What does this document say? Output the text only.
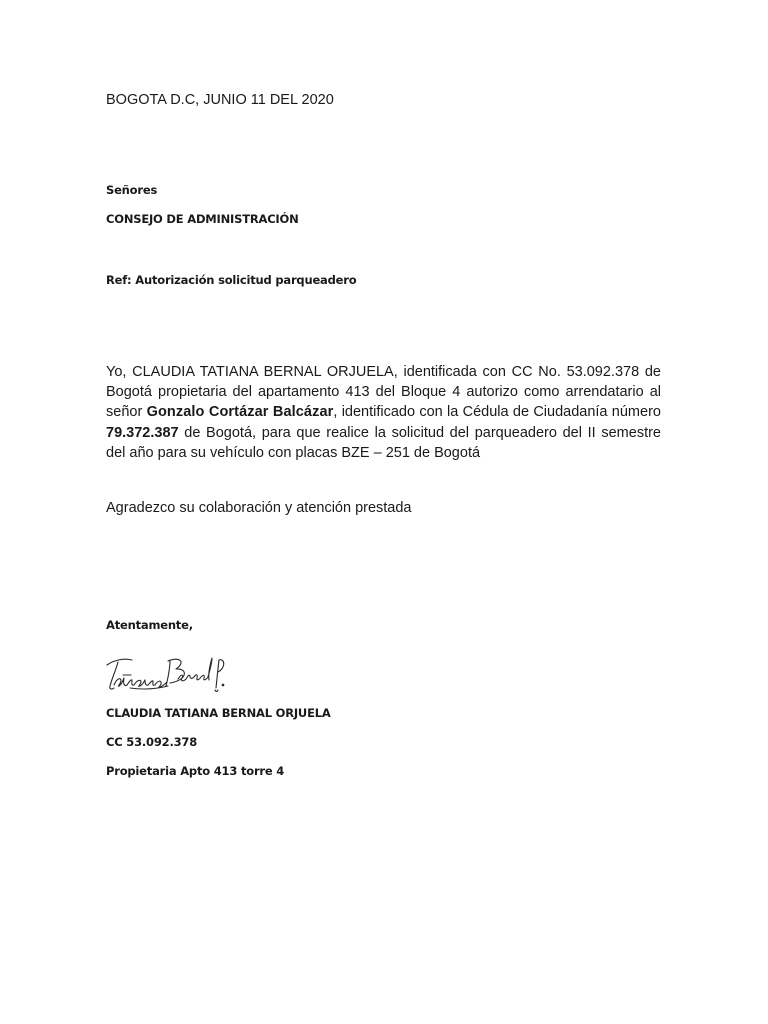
BOGOTA D.C, JUNIO 11 DEL 2020
Señores
CONSEJO DE ADMINISTRACIÓN
Ref: Autorización solicitud parqueadero
Yo, CLAUDIA TATIANA BERNAL ORJUELA, identificada con CC No. 53.092.378 de Bogotá propietaria del apartamento 413 del Bloque 4 autorizo como arrendatario al señor Gonzalo Cortázar Balcázar, identificado con la Cédula de Ciudadanía número 79.372.387 de Bogotá, para que realice la solicitud del parqueadero del II semestre del año para su vehículo con placas BZE – 251 de Bogotá
Agradezco su colaboración y atención prestada
Atentamente,
CLAUDIA TATIANA BERNAL ORJUELA
CC 53.092.378
Propietaria Apto 413 torre 4
